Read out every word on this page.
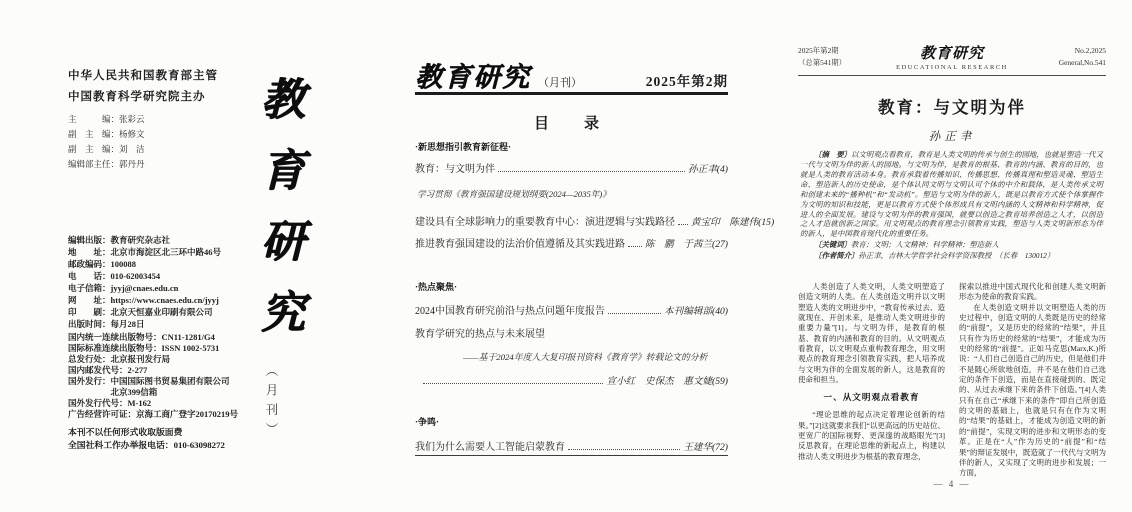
中华人民共和国教育部主管
中国教育科学研究院主办
主　　　编：张彩云
副　主　编：杨修文
副　主　编：刘　洁
编辑部主任：郭丹丹
编辑出版：教育研究杂志社
地　　址：北京市海淀区北三环中路46号
邮政编码：100088
电　　话：010-62003454
电子信箱：jyyj@cnaes.edu.cn
网　　址：https://www.cnaes.edu.cn/jyyj
印　　刷：北京天恒嘉业印刷有限公司
出版时间：每月28日
国内统一连续出版物号：CN11-1281/G4
国际标准连续出版物号：ISSN 1002-5731
总发行处：北京报刊发行局
国内邮发代号：2-277
国外发行：中国国际图书贸易集团有限公司
　　　　　北京399信箱
国外发行代号：M-162
广告经营许可证：京海工商广登字20170219号
本刊不以任何形式收取版面费
全国社科工作办举报电话：010-63098272
教育研究
（月刊）
教育研究 （月刊）	2025年第2期
目　录
·新思想指引教育新征程·
教育：与文明为伴	孙正聿(4)
学习贯彻《教育强国建设规划纲要(2024—2035年)》
建设具有全球影响力的重要教育中心：演进逻辑与实践路径 黄宝印　陈建伟(15)
推进教育强国建设的法治价值遵循及其实践进路 陈　鹏　于茜兰(27)
·热点聚焦·
2024中国教育研究前沿与热点问题年度报告	本刊编辑部(40)
教育学研究的热点与未来展望
——基于2024年度人大复印报刊资料《教育学》转载论文的分析
宣小红　史保杰　惠文婕(59)
·争鸣·
我们为什么需要人工智能启蒙教育	王建华(72)
2025年第2期
（总第541期）	教育研究
EDUCATIONAL RESEARCH
No.2,2025
General,No.541
教育：与文明为伴
孙正聿

〔摘　要〕以文明观点看教育，教育是人类文明的传承与创生的园地，也就是塑造一代又一代与文明为伴的新人的园地。与文明为伴，是教育的根基、教育的内涵、教育的目的，也就是人类的教育活动本身。教育承载着传播知识、传播思想、传播真理和塑造灵魂、塑造生命、塑造新人的历史使命，是个体认同文明与文明认可个体的中介和载体，是人类传承文明和创建未来的“播种机”和“发动机”。塑造与文明为伴的新人，既是以教育方式使个体掌握作为文明的知识和技能，更是以教育方式使个体形成具有文明内涵的人文精神和科学精神，促进人的全面发展。建设与文明为伴的教育强国，就要以创造之教育培养创造之人才，以创造之人才造就创新之国家。用文明观点的教育理念引领教育实践，塑造与人类文明新形态为伴的新人，是中国教育现代化的重要任务。

〔关键词〕教育；文明；人文精神；科学精神；塑造新人

〔作者简介〕孙正聿，吉林大学哲学社会科学资深教授　（长春　130012）

人类创造了人类文明，人类文明塑造了创造文明的人类。在人类创造文明并以文明塑造人类的文明进步中，“教育传承过去、造就现在、开创未来，是推动人类文明进步的重要力量”[1]。与文明为伴，是教育的根基、教育的内涵和教育的目的。从文明观点看教育，以文明观点重构教育理念，用文明观点的教育理念引领教育实践，把人培养成与文明为伴的全面发展的新人，这是教育的使命和担当。

一、从文明观点看教育

“理论思维的起点决定着理论创新的结果。”[2]这就要求我们“以更高远的历史站位、更宽广的国际视野、更深邃的战略眼光”[3]反思教育，在理论思维的新起点上，构建以推动人类文明进步为根基的教育理念，

探索以推进中国式现代化和创建人类文明新形态为使命的教育实践。

在人类创造文明并以文明塑造人类的历史过程中，创造文明的人类既是历史的经常的“前提”，又是历史的经常的“结果”，并且只有作为历史的经常的“结果”，才能成为历史的经常的“前提”。正如马克思(Marx,K.)所说：“人们自己创造自己的历史，但是他们并不是随心所欲地创造，并不是在他们自己选定的条件下创造，而是在直接碰到的、既定的、从过去承继下来的条件下创造。”[4]人类只有在自己“承继下来的条件”即自己所创造的文明的基础上，也就是只有在作为文明的“结果”的基础上，才能成为创造文明的新的“前提”，实现文明的进步和文明形态的变革。正是在“人”作为历史的“前提”和“结果”的辩证发展中，既造就了一代代与文明为伴的新人，又实现了文明的进步和发展；一方面，

— 4 —
